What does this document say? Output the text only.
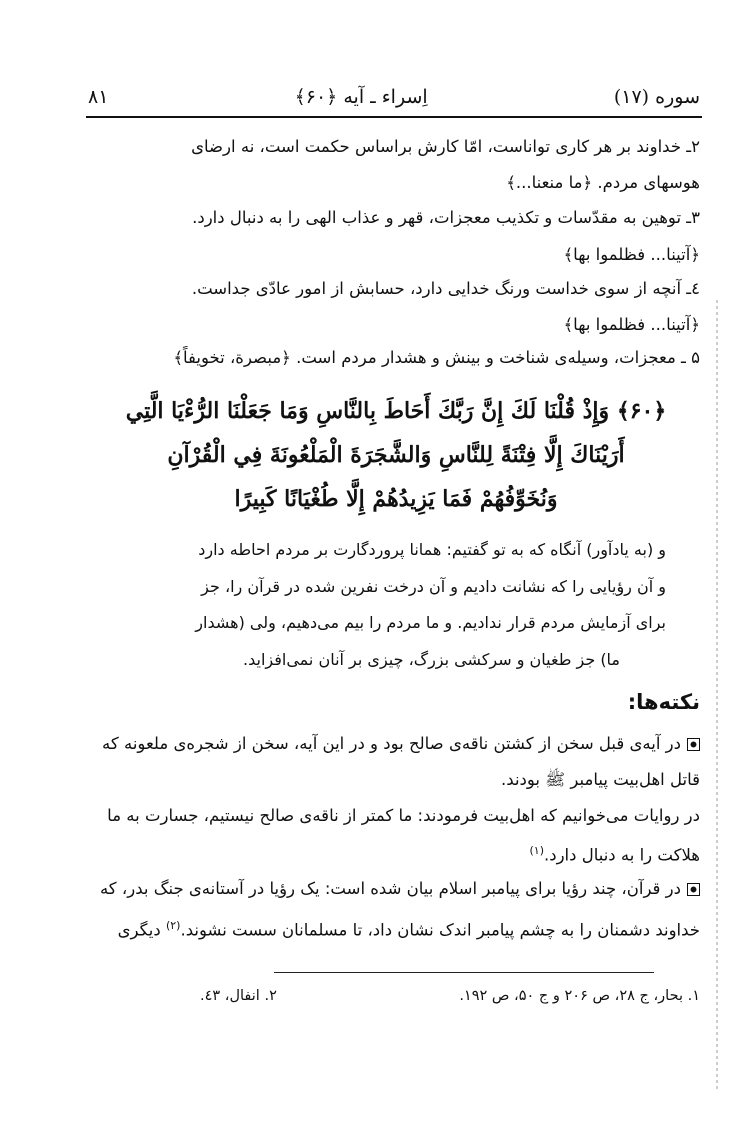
۸۱	اِسراء ـ آیه ﴿۶۰﴾	سوره (۱۷)
۲ـ خداوند بر هر کاری تواناست، امّا کارش براساس حکمت است، نه ارضای
هوسهای مردم. ﴿ما منعنا...﴾
۳ـ توهین به مقدّسات و تکذیب معجزات، قهر و عذاب الهی را به دنبال دارد.
﴿آتینا... فظلموا بها﴾
٤ـ آنچه از سوی خداست ورنگ خدایی دارد، حسابش از امور عادّی جداست.
﴿آتینا... فظلموا بها﴾
۵ ـ معجزات، وسیله‌ی شناخت و بینش و هشدار مردم است. ﴿مبصرة، تخویفاً﴾
﴿۶۰﴾ وَإِذْ قُلْنَا لَكَ إِنَّ رَبَّكَ أَحَاطَ بِالنَّاسِ وَمَا جَعَلْنَا الرُّءْيَا الَّتِي
أَرَيْنَاكَ إِلَّا فِتْنَةً لِلنَّاسِ وَالشَّجَرَةَ الْمَلْعُونَةَ فِي الْقُرْآنِ
وَنُخَوِّفُهُمْ فَمَا يَزِيدُهُمْ إِلَّا طُغْيَانًا كَبِيرًا
و (به یادآور) آنگاه که به تو گفتیم: همانا پروردگارت بر مردم احاطه دارد
و آن رؤیایی را که نشانت دادیم و آن درخت نفرین شده در قرآن را، جز
برای آزمایش مردم قرار ندادیم. و ما مردم را بیم می‌دهیم، ولی (هشدار
ما) جز طغیان و سرکشی بزرگ، چیزی بر آنان نمی‌افزاید.
نکته‌ها:
در آیه‌ی قبل سخن از کشتن ناقه‌ی صالح بود و در این آیه، سخن از شجره‌ی ملعونه که
قاتل اهل‌بیت پیامبر ﷺ بودند.
در روایات می‌خوانیم که اهل‌بیت فرمودند: ما کمتر از ناقه‌ی صالح نیستیم، جسارت به ما
هلاکت را به دنبال دارد.$^{(۱)}$
در قرآن، چند رؤیا برای پیامبر اسلام بیان شده است: یک رؤیا در آستانه‌ی جنگ بدر، که
خداوند دشمنان را به چشم پیامبر اندک نشان داد، تا مسلمانان سست نشوند.$^{(۲)}$ دیگری
۱. بحار، ج ۲۸، ص ۲۰۶ و ج ۵۰، ص ۱۹۲.
۲. انفال، ٤۳.
